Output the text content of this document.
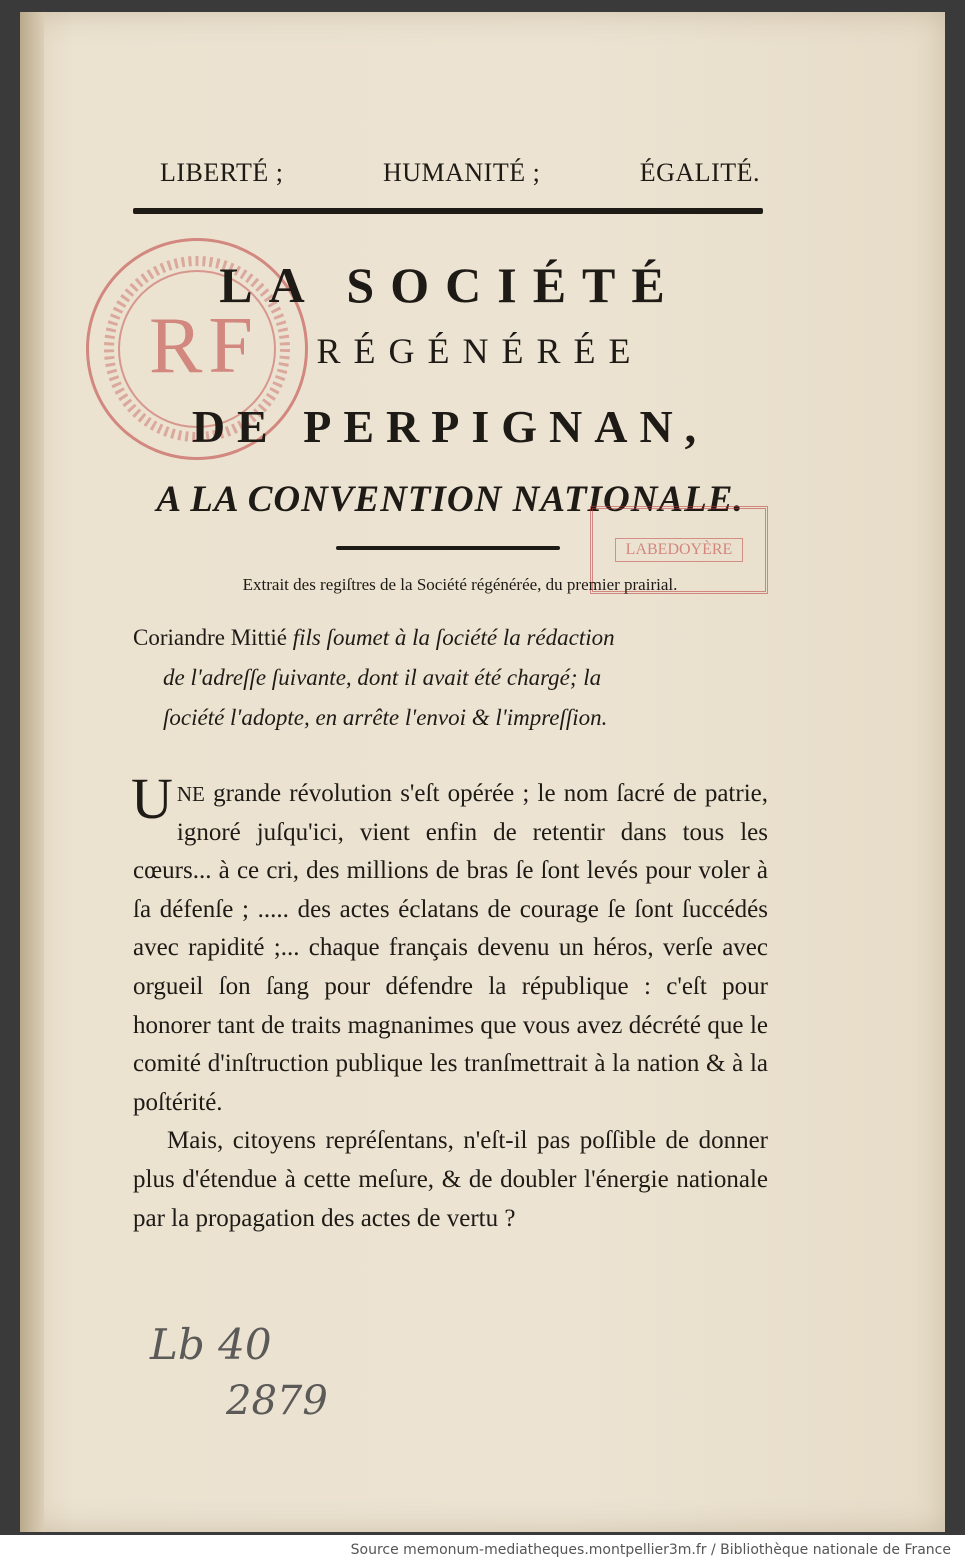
LIBERTÉ ;	HUMANITÉ ;	ÉGALITÉ.
RF
LA SOCIÉTÉ
RÉGÉNÉRÉE
DE PERPIGNAN,
A LA CONVENTION NATIONALE.
LABEDOYÈRE
Extrait des regiſtres de la Société régénérée, du premier prairial.
Coriandre Mittié fils ſoumet à la ſociété la rédaction
de l'adreſſe ſuivante, dont il avait été chargé; la
ſociété l'adopte, en arrête l'envoi & l'impreſſion.

UNE grande révolution s'eſt opérée ; le nom ſacré de patrie, ignoré juſqu'ici, vient enfin de retentir dans tous les cœurs... à ce cri, des millions de bras ſe ſont levés pour voler à ſa défenſe ; ..... des actes éclatans de courage ſe ſont ſuccédés avec rapidité ;... chaque français devenu un héros, verſe avec orgueil ſon ſang pour défendre la république : c'eſt pour honorer tant de traits magnanimes que vous avez décrété que le comité d'inſtruction publique les tranſmettrait à la nation & à la poſtérité.

Mais, citoyens repréſentans, n'eſt-il pas poſſible de donner plus d'étendue à cette meſure, & de doubler l'énergie nationale par la propagation des actes de vertu ?

Lb 40
2879
Source memonum-mediatheques.montpellier3m.fr / Bibliothèque nationale de France
